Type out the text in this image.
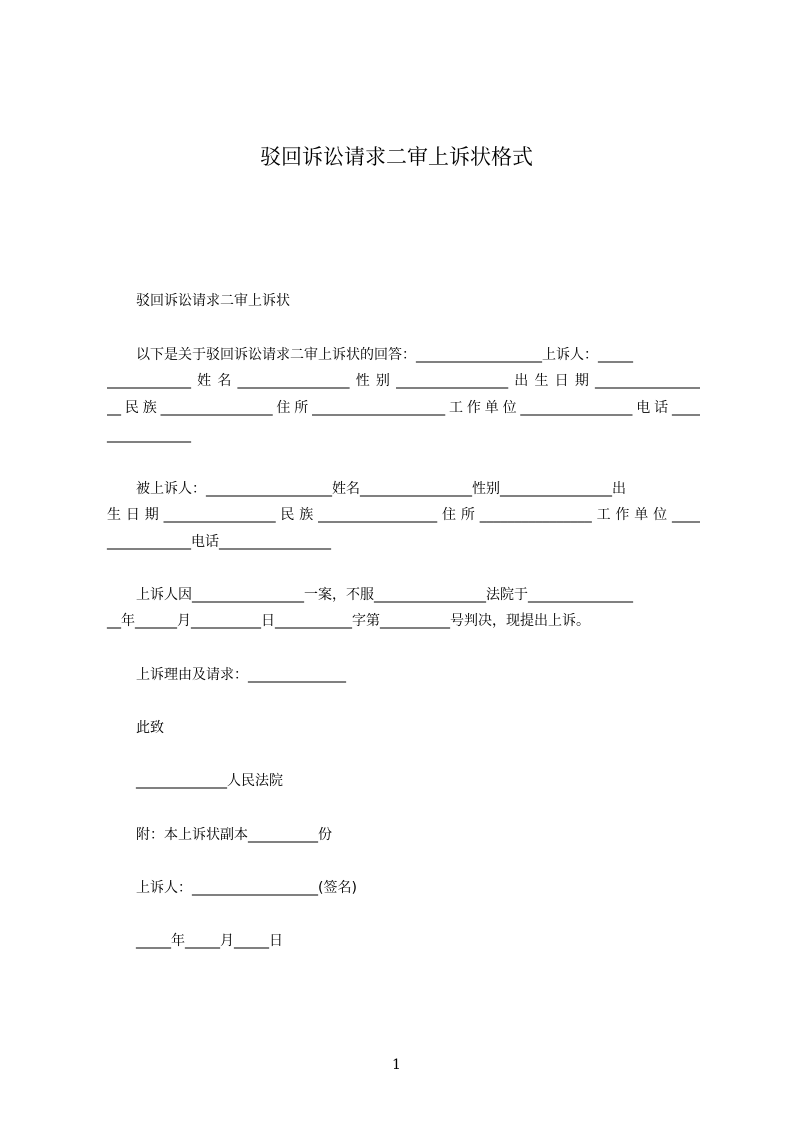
驳回诉讼请求二审上诉状格式
驳回诉讼请求二审上诉状
以下是关于驳回诉讼请求二审上诉状的回答：__________________上诉人：_____
____________姓名________________性别________________出生日期_______________
__民族________________住所___________________工作单位________________电话____
____________
被上诉人：__________________姓名________________性别________________出
生日期________________民族_________________住所________________工作单位____
____________电话________________
上诉人因________________一案，不服________________法院于_______________
__年______月__________日___________字第__________号判决，现提出上诉。
上诉理由及请求：______________
此致
_____________人民法院
附：本上诉状副本__________份
上诉人：__________________(签名)
_____年_____月_____日
1
